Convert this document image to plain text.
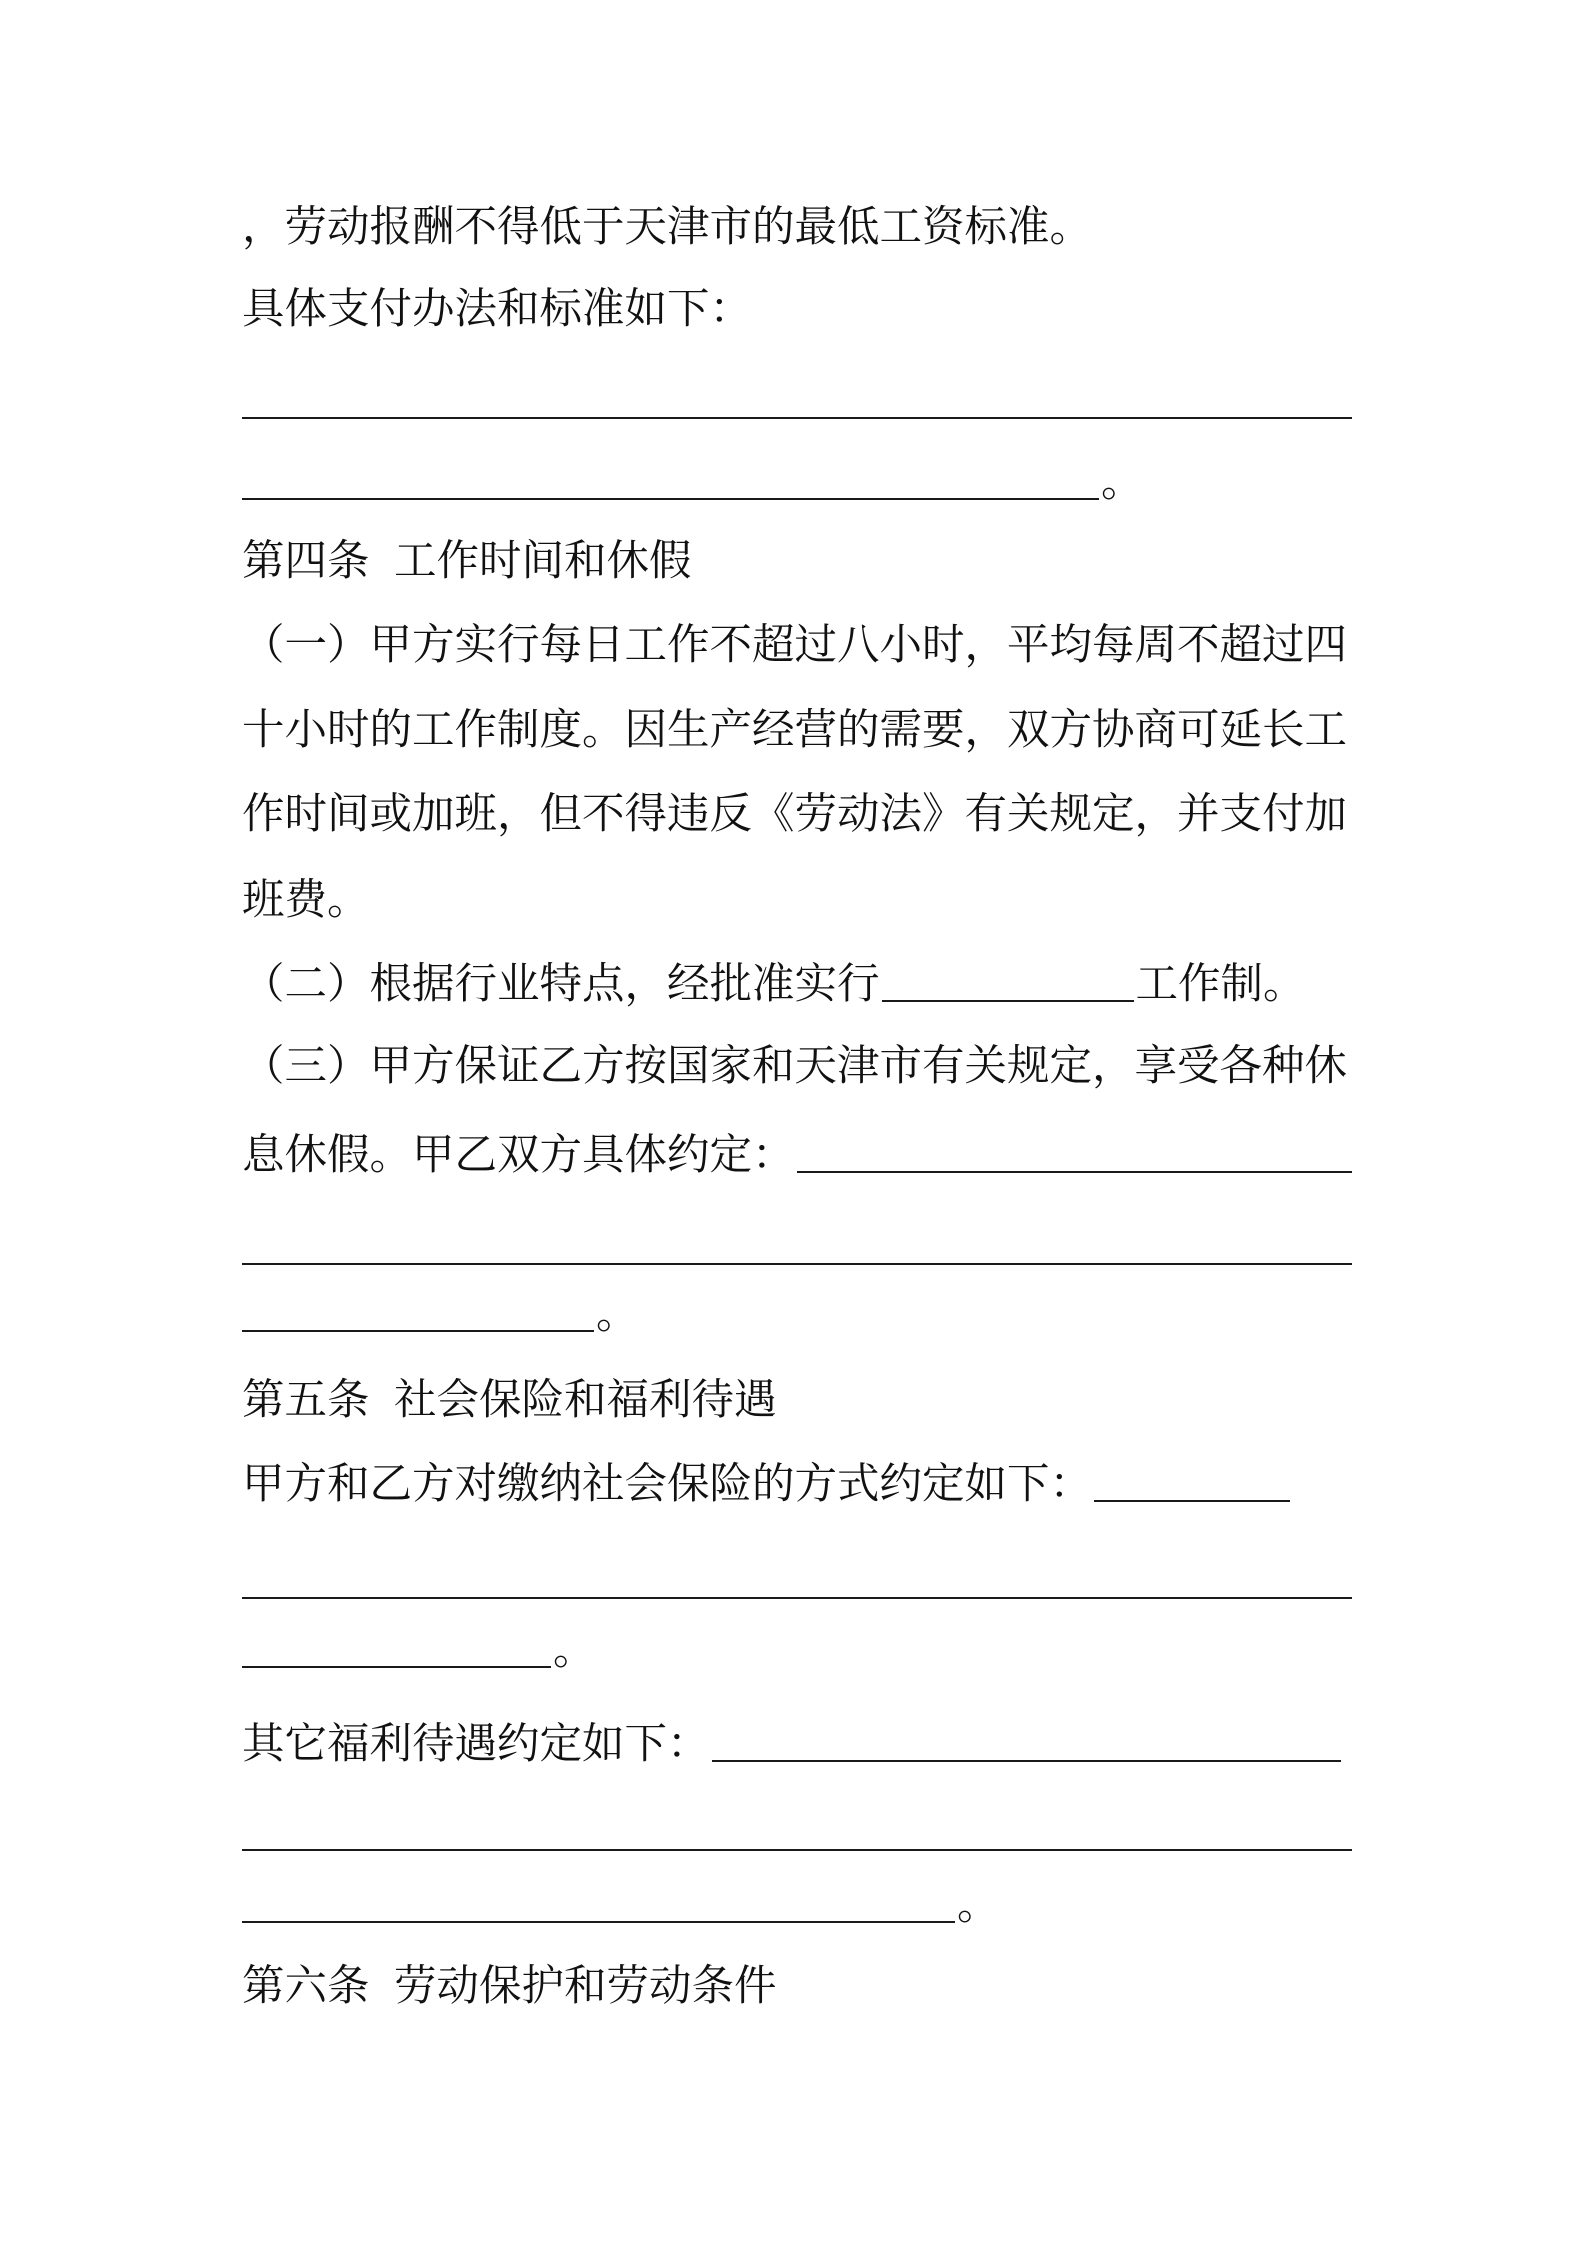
，劳动报酬不得低于天津市的最低工资标准。
具体支付办法和标准如下：
。
第四条 工作时间和休假
（一）甲方实行每日工作不超过八小时，平均每周不超过四
十小时的工作制度。因生产经营的需要，双方协商可延长工
作时间或加班，但不得违反《劳动法》有关规定，并支付加
班费。
（二）根据行业特点，经批准实行	工作制。
（三）甲方保证乙方按国家和天津市有关规定，享受各种休
息休假。甲乙双方具体约定：
。
第五条 社会保险和福利待遇
甲方和乙方对缴纳社会保险的方式约定如下：
。
其它福利待遇约定如下：
。
第六条 劳动保护和劳动条件
